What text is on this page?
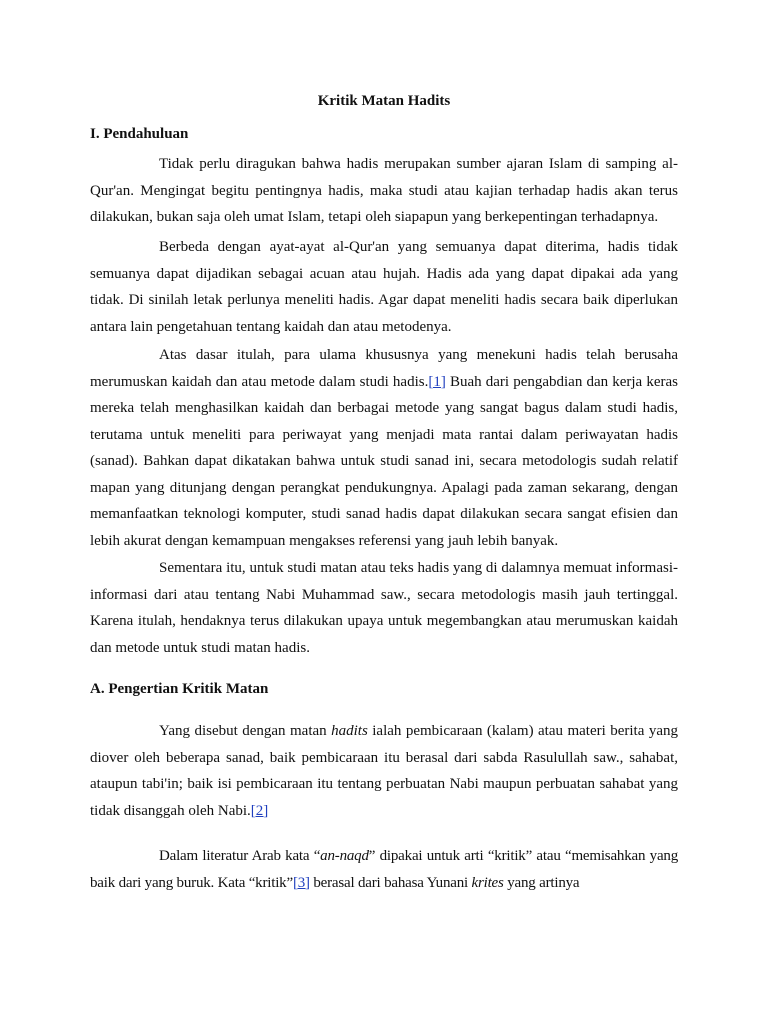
Kritik Matan Hadits
I. Pendahuluan

Tidak perlu diragukan bahwa hadis merupakan sumber ajaran Islam di samping al-Qur'an. Mengingat begitu pentingnya hadis, maka studi atau kajian terhadap hadis akan terus dilakukan, bukan saja oleh umat Islam, tetapi oleh siapapun yang berkepentingan terhadapnya.

Berbeda dengan ayat-ayat al-Qur'an yang semuanya dapat diterima, hadis tidak semuanya dapat dijadikan sebagai acuan atau hujah. Hadis ada yang dapat dipakai ada yang tidak. Di sinilah letak perlunya meneliti hadis. Agar dapat meneliti hadis secara baik diperlukan antara lain pengetahuan tentang kaidah dan atau metodenya.

Atas dasar itulah, para ulama khususnya yang menekuni hadis telah berusaha merumuskan kaidah dan atau metode dalam studi hadis.[1] Buah dari pengabdian dan kerja keras mereka telah menghasilkan kaidah dan berbagai metode yang sangat bagus dalam studi hadis, terutama untuk meneliti para periwayat yang menjadi mata rantai dalam periwayatan hadis (sanad). Bahkan dapat dikatakan bahwa untuk studi sanad ini, secara metodologis sudah relatif mapan yang ditunjang dengan perangkat pendukungnya. Apalagi pada zaman sekarang, dengan memanfaatkan teknologi komputer, studi sanad hadis dapat dilakukan secara sangat efisien dan lebih akurat dengan kemampuan mengakses referensi yang jauh lebih banyak.

Sementara itu, untuk studi matan atau teks hadis yang di dalamnya memuat informasi-informasi dari atau tentang Nabi Muhammad saw., secara metodologis masih jauh tertinggal. Karena itulah, hendaknya terus dilakukan upaya untuk megembangkan atau merumuskan kaidah dan metode untuk studi matan hadis.

A. Pengertian Kritik Matan

Yang disebut dengan matan hadits ialah pembicaraan (kalam) atau materi berita yang diover oleh beberapa sanad, baik pembicaraan itu berasal dari sabda Rasulullah saw., sahabat, ataupun tabi'in; baik isi pembicaraan itu tentang perbuatan Nabi maupun perbuatan sahabat yang tidak disanggah oleh Nabi.[2]

Dalam literatur Arab kata “an-naqd” dipakai untuk arti “kritik” atau “memisahkan yang baik dari yang buruk. Kata “kritik”[3] berasal dari bahasa Yunani krites yang artinya
